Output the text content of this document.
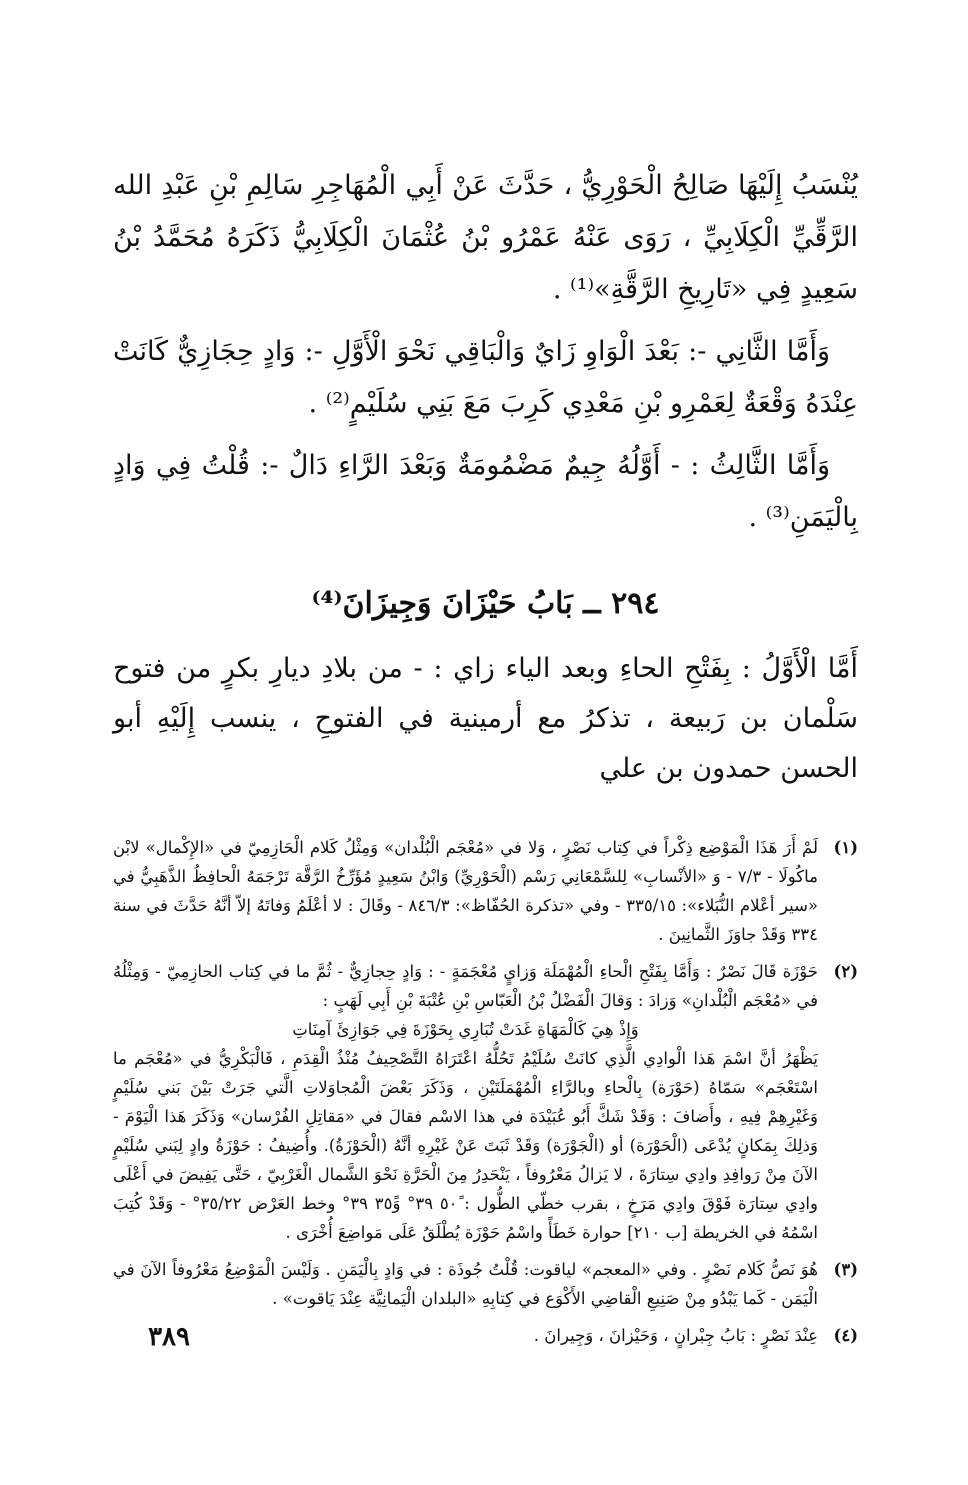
يُنْسَبُ إِلَيْهَا صَالِحُ الْحَوْرِيُّ ، حَدَّثَ عَنْ أَبِي الْمُهَاجِرِ سَالِمِ بْنِ عَبْدِ الله الرَّقِّيِّ الْكِلَابِيِّ ، رَوَى عَنْهُ عَمْرُو بْنُ عُثْمَانَ الْكِلَابِيُّ ذَكَرَهُ مُحَمَّدُ بْنُ سَعِيدٍ فِي «تَارِيخِ الرَّقَّةِ»⁽¹⁾ .

وَأَمَّا الثَّانِي -: بَعْدَ الْوَاوِ زَايٌ وَالْبَاقِي نَحْوَ الْأَوَّلِ -: وَادٍ حِجَازِيٌّ كَانَتْ عِنْدَهُ وَقْعَةٌ لِعَمْرِو بْنِ مَعْدِي كَرِبَ مَعَ بَنِي سُلَيْمٍ⁽²⁾ .

وَأَمَّا الثَّالِثُ : - أَوَّلُهُ جِيمٌ مَضْمُومَةٌ وَبَعْدَ الرَّاءِ دَالٌ -: قُلْتُ فِي وَادٍ بِالْيَمَنِ⁽³⁾ .

٢٩٤ ــ بَابُ حَيْزَانَ وَجِيزَانَ⁽⁴⁾

أَمَّا الْأَوَّلُ : بِفَتْحِ الحاءِ وبعد الياء زاي : - من بلادِ ديارِ بكرٍ من فتوح سَلْمان بن رَبيعة ، تذكرُ مع أرمينية في الفتوحِ ، ينسب إِلَيْهِ أبو الحسن حمدون بن علي

(١)

لَمْ أَرَ هَذَا الْمَوْضِع ذِكْراً في كِتاب نَصْرٍ ، وَلا في «مُعْجَم الْبُلْدان» وَمِثْلُ كَلام الْحَازِمِيّ في «الإِكْمال» لابْن ماكُولَا - ٧/٣ - وَ «الأنْسابِ» لِلسَّمْعَانِي رَسْم (الْحَوْرِيِّ) وَابْنُ سَعِيدٍ مُؤَرِّخُ الرَّقَّة تَرْجَمَهُ الْحافِظُ الذَّهَبِيُّ في «سير أعْلام النُّبَلاء»: ٣٣٥/١٥ - وفي «تذكرة الحُفّاظ»: ٨٤٦/٣ - وقَالَ : لا أعْلَمُ وَفاتَهُ إلاّ أنَّهُ حَدَّثَ في سنة ٣٣٤ وَقَدْ جاوَزَ الثَّمانِينَ .

(٢)

حَوْزَة قَالَ نَصْرٌ : وَأَمَّا بِفَتْحِ الْحاءِ الْمُهْمَلَة وَزايٍ مُعْجَمَةٍ - : وَادٍ حِجازِيٌّ - ثُمَّ ما في كِتاب الحازِمِيّ - وَمِثْلُهُ في «مُعْجَم الْبُلْدانِ» وَزادَ : وَقالَ الْفَضْلُ بْنُ الْعَبّاسِ بْنِ عُتْبَةَ بْنِ أَبِي لَهَبٍ :

وَإِذْ هِيَ كَالْمَهَاةِ غَدَتْ تُبَارِي بِحَوْزَةَ فِي جَوَازِئَ آمِنَاتِ

يَظْهَرُ أنَّ اسْمَ هَذا الْوادِي الَّذِي كانَتْ سُلَيْمُ تَحُلُّهُ اعْتَرَاهُ التَّصْحِيفُ مُنْذُ الْقِدَمِ ، فَالْبَكْرِيُّ في «مُعْجَم ما اسْتَعْجَم» سَمّاهُ (حَوْرَة) بِالْحاءِ وبالرَّاءِ الْمُهْمَلَتَيْنِ ، وَذَكَرَ بَعْضَ الْمُجاوَلاتِ الَّتي جَرَتْ بَيْنَ بَني سُلَيْمٍ وَغَيْرِهِمْ فِيهِ ، وأَضافَ : وَقَدْ شَكَّ أَبُو عُبَيْدَة في هذا الاسْم فقالَ في «مَقاتِلِ الفُرْسان» وَذَكَرَ هَذا الْيَوْمَ - وَذلِكَ بِمَكانٍ يُدْعَى (الْحَوْرَة) أو (الْجَوْرَة) وَقَدْ ثَبَتَ عَنْ غَيْرِهِ أنَّهُ (الْحَوْزَةُ). وأُضِيفُ : حَوْزَةُ وادٍ لِبَني سُلَيْمٍ الآنَ مِنْ رَوافِدِ وادِي سِتارَةَ ، لا يَزالُ مَعْرُوفاً ، يَنْحَدِرُ مِنَ الْحَرَّةِ نَحْوَ الشَّمال الْغَرْبِيّ ، حَتَّى يَفِيضَ في أَعْلَى وادِي سِتارَة فَوْقَ وادِي مَرَخٍ ، بقرب خطّي الطُّول : ٥٠ً ٣٩° وَ٣٥ً ٣٩° وخط العَرْض ٣٥/٢٢° - وَقَدْ كُتِبَ اسْمُهُ في الخريطة [ب ٢١٠] حوارة خَطَأً واسْمُ حَوْزَة يُطْلَقُ عَلَى مَواضِعَ أُخْرَى .

(٣)

هُوَ نَصُّ كَلام نَصْرٍ . وفي «المعجم» لياقوت: قُلْتُ جُوذَة : في وَادٍ بِالْيَمَنِ . وَلَيْسَ الْمَوْضِعُ مَعْرُوفاً الآنَ في الْيَمَن - كَما يَبْدُو مِنْ صَنِيعِ الْقاضِي الأَكْوَع في كِتابِهِ «البلدان الْيَمانِيَّة عِنْدَ يَاقوت» .

(٤)

عِنْدَ نَصْرٍ : بَابُ جِبْرانٍ ، وَحَيْزانَ ، وَجِيرانَ .

٣٨٩
